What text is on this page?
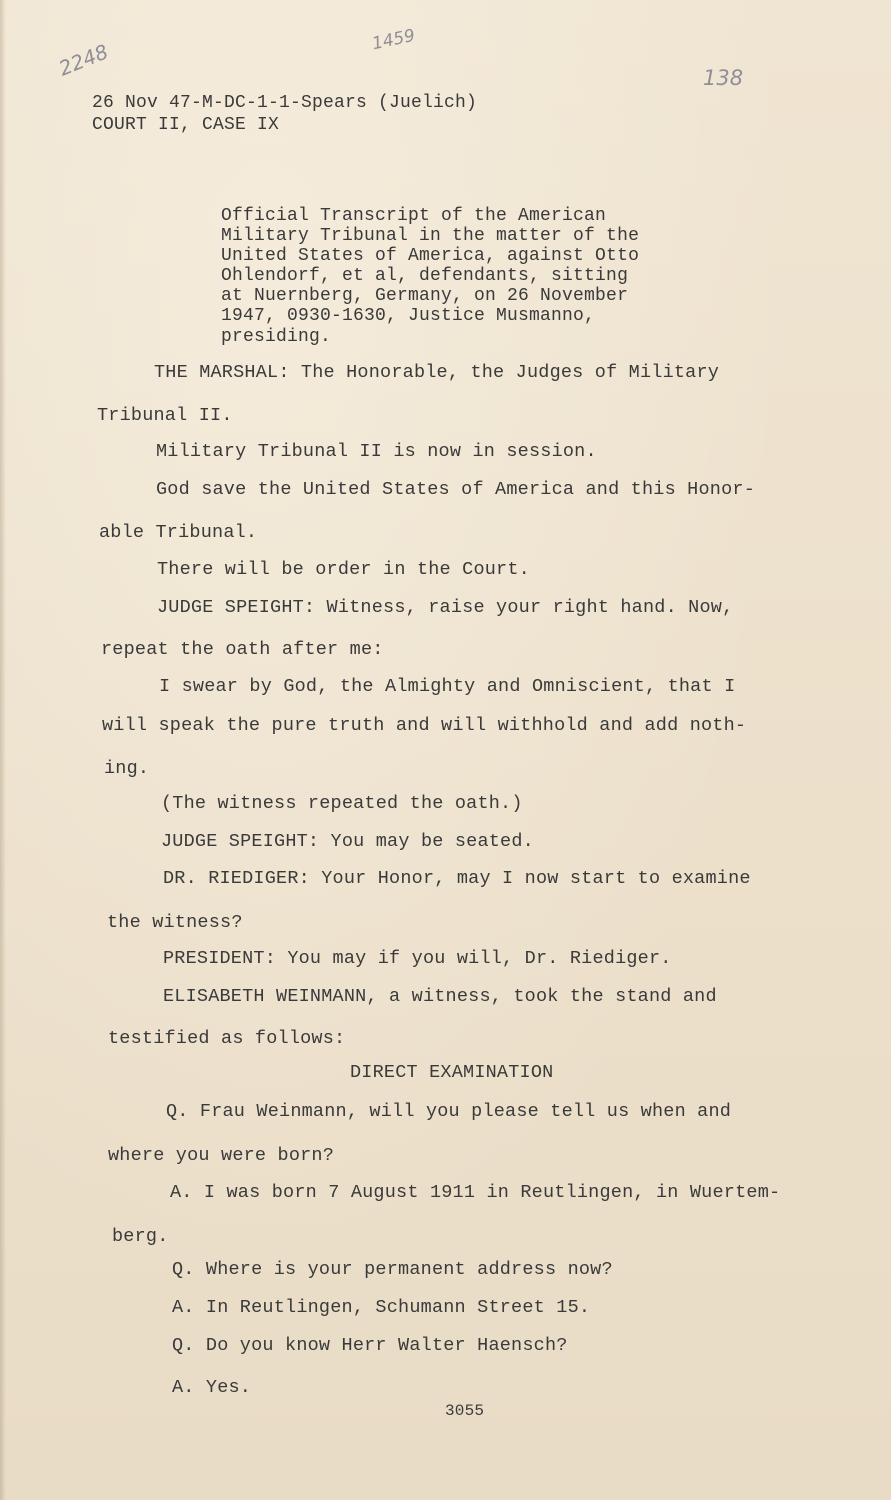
2248	1459
138
26 Nov 47-M-DC-1-1-Spears (Juelich)
COURT II, CASE IX
Official Transcript of the American
Military Tribunal in the matter of the
United States of America, against Otto
Ohlendorf, et al, defendants, sitting
at Nuernberg, Germany, on 26 November
1947, 0930-1630, Justice Musmanno,
presiding.
THE MARSHAL: The Honorable, the Judges of Military
Tribunal II.
Military Tribunal II is now in session.
God save the United States of America and this Honor-
able Tribunal.
There will be order in the Court.
JUDGE SPEIGHT: Witness, raise your right hand. Now,
repeat the oath after me:
I swear by God, the Almighty and Omniscient, that I
will speak the pure truth and will withhold and add noth-
ing.
(The witness repeated the oath.)
JUDGE SPEIGHT: You may be seated.
DR. RIEDIGER: Your Honor, may I now start to examine
the witness?
PRESIDENT: You may if you will, Dr. Riediger.
ELISABETH WEINMANN, a witness, took the stand and
testified as follows:
DIRECT EXAMINATION
Q. Frau Weinmann, will you please tell us when and
where you were born?
A. I was born 7 August 1911 in Reutlingen, in Wuertem-
berg.
Q. Where is your permanent address now?
A. In Reutlingen, Schumann Street 15.
Q. Do you know Herr Walter Haensch?
A. Yes.
3055
